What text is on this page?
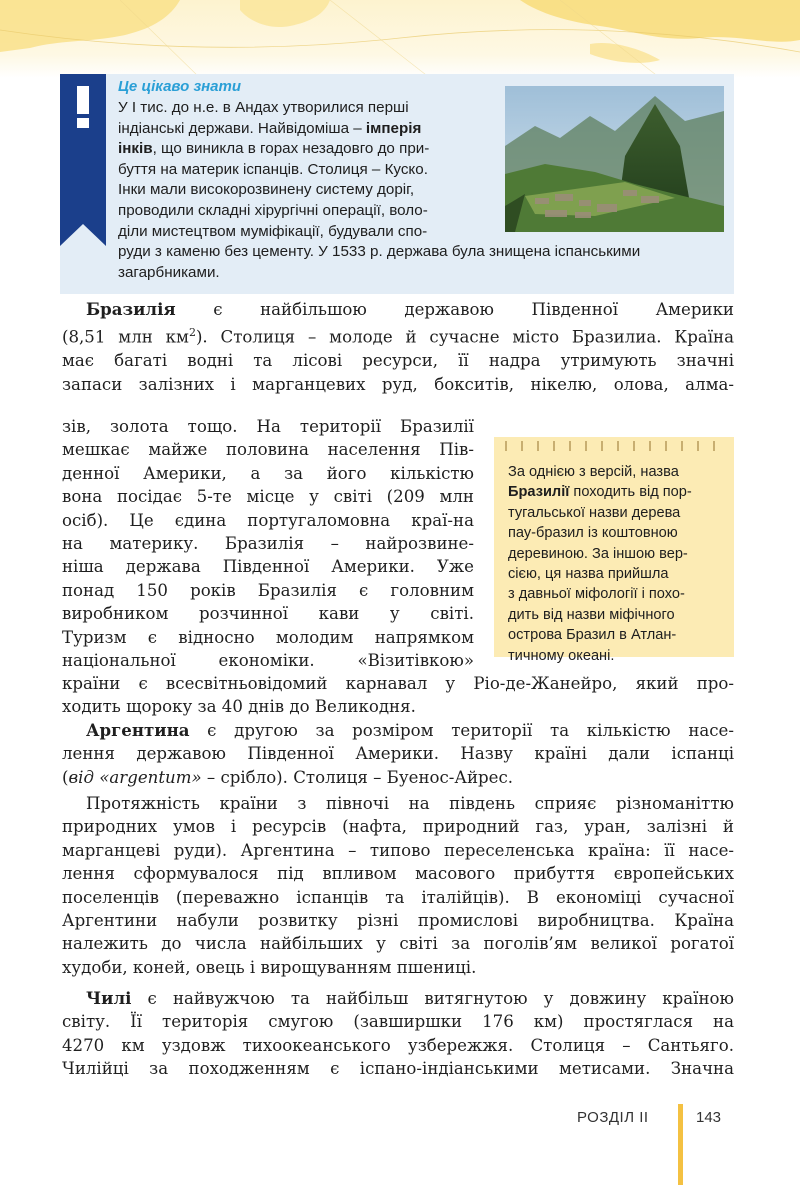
Це цікаво знати

У I тис. до н.е. в Андах утворилися перші
індіанські держави. Найвідоміша – імперія
інків, що виникла в горах незадовго до при-
буття на материк іспанців. Столиця – Куско.
Інки мали високорозвинену систему доріг,
проводили складні хірургічні операції, воло-
діли мистецтвом муміфікації, будували спо-
руди з каменю без цементу. У 1533 р. держава була знищена іспанськими
загарбниками.
Бразилія є найбільшою державою Південної Америки
(8,51 млн $км^2$). Столиця – молоде й сучасне місто Бразилиа. Країна
має багаті водні та лісові ресурси, її надра утримують значні
запаси залізних і марганцевих руд, бокситів, нікелю, олова, алма-
зів, золота тощо. На території Бразилії
мешкає майже половина населення Пів-
денної Америки, а за його кількістю
вона посідає 5-те місце у світі (209 млн
осіб). Це єдина португаломовна краї-на
на материку. Бразилія – найрозвине-
ніша держава Південної Америки. Уже
понад 150 років Бразилія є головним
виробником розчинної кави у світі.
Туризм є відносно молодим напрямком
національної економіки. «Візитівкою»
країни є всесвітньовідомий карнавал у Ріо-де-Жанейро, який про-
ходить щороку за 40 днів до Великодня.
За однією з версій, назва
Бразилії походить від пор-
тугальської назви дерева
пау-бразил із коштовною
деревиною. За іншою вер-
сією, ця назва прийшла
з давньої міфології і похо-
дить від назви міфічного
острова Бразил в Атлан-
тичному океані.
Аргентина є другою за розміром території та кількістю насе-
лення державою Південної Америки. Назву країні дали іспанці
(від «argentum» – срібло). Столиця – Буенос-Айрес.
Протяжність країни з півночі на південь сприяє різноманіттю
природних умов і ресурсів (нафта, природний газ, уран, залізні й
марганцеві руди). Аргентина – типово переселенська країна: її насе-
лення сформувалося під впливом масового прибуття європейських
поселенців (переважно іспанців та італійців). В економіці сучасної
Аргентини набули розвитку різні промислові виробництва. Країна
належить до числа найбільших у світі за поголів’ям великої рогатої
худоби, коней, овець і вирощуванням пшениці.
Чилі є найвужчою та найбільш витягнутою у довжину країною
світу. Її територія смугою (завширшки 176 км) простяглася на
4270 км уздовж тихоокеанського узбережжя. Столиця – Сантьяго.
Чилійці за походженням є іспано-індіанськими метисами. Значна
РОЗДІЛ II	143
